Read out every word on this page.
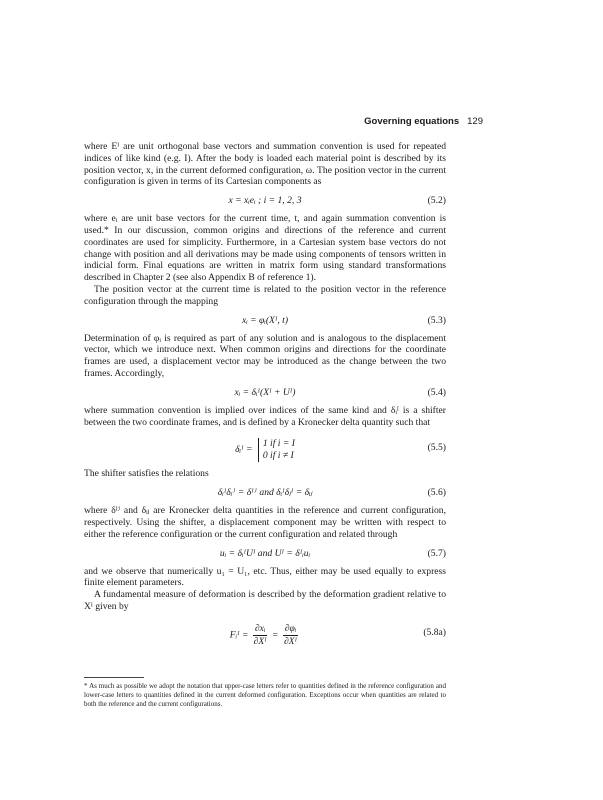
Governing equations 129

where Eᴵ are unit orthogonal base vectors and summation convention is used for repeated indices of like kind (e.g. I). After the body is loaded each material point is described by its position vector, x, in the current deformed configuration, ω. The position vector in the current configuration is given in terms of its Cartesian components as

x = xᵢeᵢ ; i = 1, 2, 3	(5.2)

where eᵢ are unit base vectors for the current time, t, and again summation convention is used.* In our discussion, common origins and directions of the reference and current coordinates are used for simplicity. Furthermore, in a Cartesian system base vectors do not change with position and all derivations may be made using components of tensors written in indicial form. Final equations are written in matrix form using standard transformations described in Chapter 2 (see also Appendix B of reference 1).

The position vector at the current time is related to the position vector in the reference configuration through the mapping

xᵢ = φᵢ(Xᴵ, t)	(5.3)

Determination of φᵢ is required as part of any solution and is analogous to the displacement vector, which we introduce next. When common origins and directions for the coordinate frames are used, a displacement vector may be introduced as the change between the two frames. Accordingly,

xᵢ = δᵢᴵ(Xᴵ + Uᴵ)	(5.4)

where summation convention is implied over indices of the same kind and δᵢᴵ is a shifter between the two coordinate frames, and is defined by a Kronecker delta quantity such that

δᵢᴵ =
1 if i = I
0 if i ≠ I
(5.5)

The shifter satisfies the relations

δᵢᴵδᵢᴶ = δᴵᴶ and δᵢᴵδⱼᴵ = δᵢⱼ	(5.6)

where δᴵᴶ and δᵢⱼ are Kronecker delta quantities in the reference and current configuration, respectively. Using the shifter, a displacement component may be written with respect to either the reference configuration or the current configuration and related through

uᵢ = δᵢᴵUᴵ and Uᴵ = δᴵᵢuᵢ	(5.7)

and we observe that numerically u₁ = U₁, etc. Thus, either may be used equally to express finite element parameters.

A fundamental measure of deformation is described by the deformation gradient relative to Xᴵ given by

Fᵢᴵ = $\frac{\text{∂xᵢ}}{\text{∂Xᴵ}} = \frac{\text{∂φᵢ}}{\text{∂Xᴵ}}$	(5.8a)
* As much as possible we adopt the notation that upper-case letters refer to quantities defined in the reference configuration and lower-case letters to quantities defined in the current deformed configuration. Exceptions occur when quantities are related to both the reference and the current configurations.
